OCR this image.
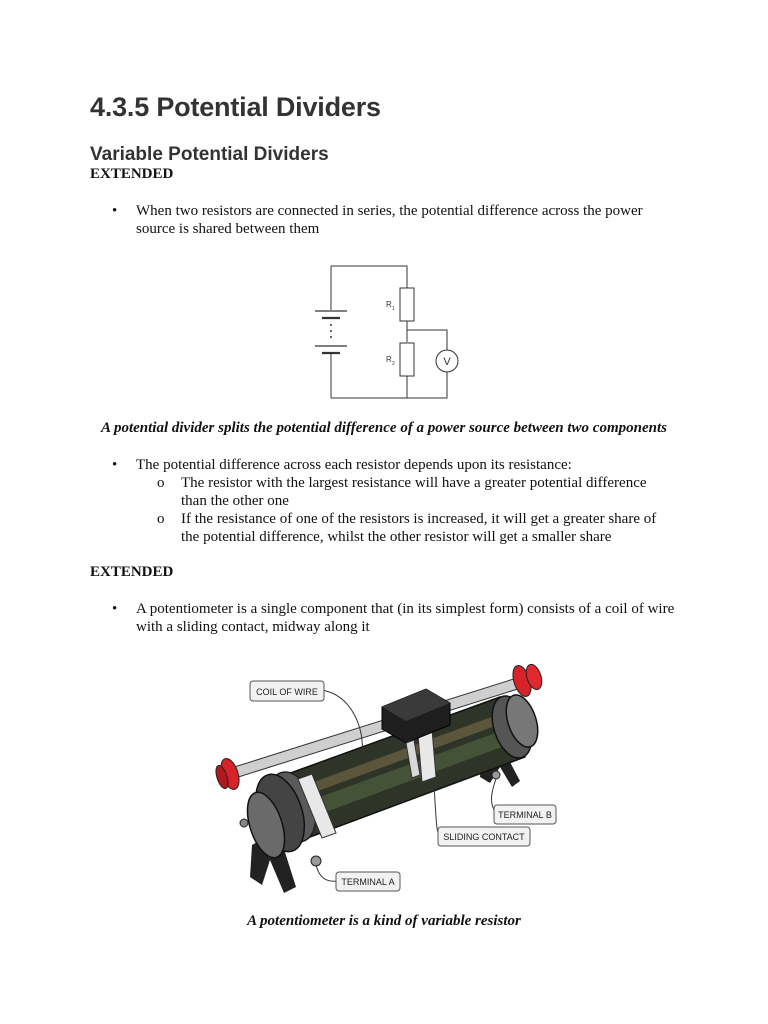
4.3.5 Potential Dividers
Variable Potential Dividers
EXTENDED
• When two resistors are connected in series, the potential difference across the power source is shared between them
R 1
R 2	V
A potential divider splits the potential difference of a power source between two components
• The potential difference across each resistor depends upon its resistance:
o The resistor with the largest resistance will have a greater potential difference than the other one
o If the resistance of one of the resistors is increased, it will get a greater share of the potential difference, whilst the other resistor will get a smaller share
EXTENDED
• A potentiometer is a single component that (in its simplest form) consists of a coil of wire with a sliding contact, midway along it
COIL OF WIRE
TERMINAL A
SLIDING CONTACT
TERMINAL B
A potentiometer is a kind of variable resistor
